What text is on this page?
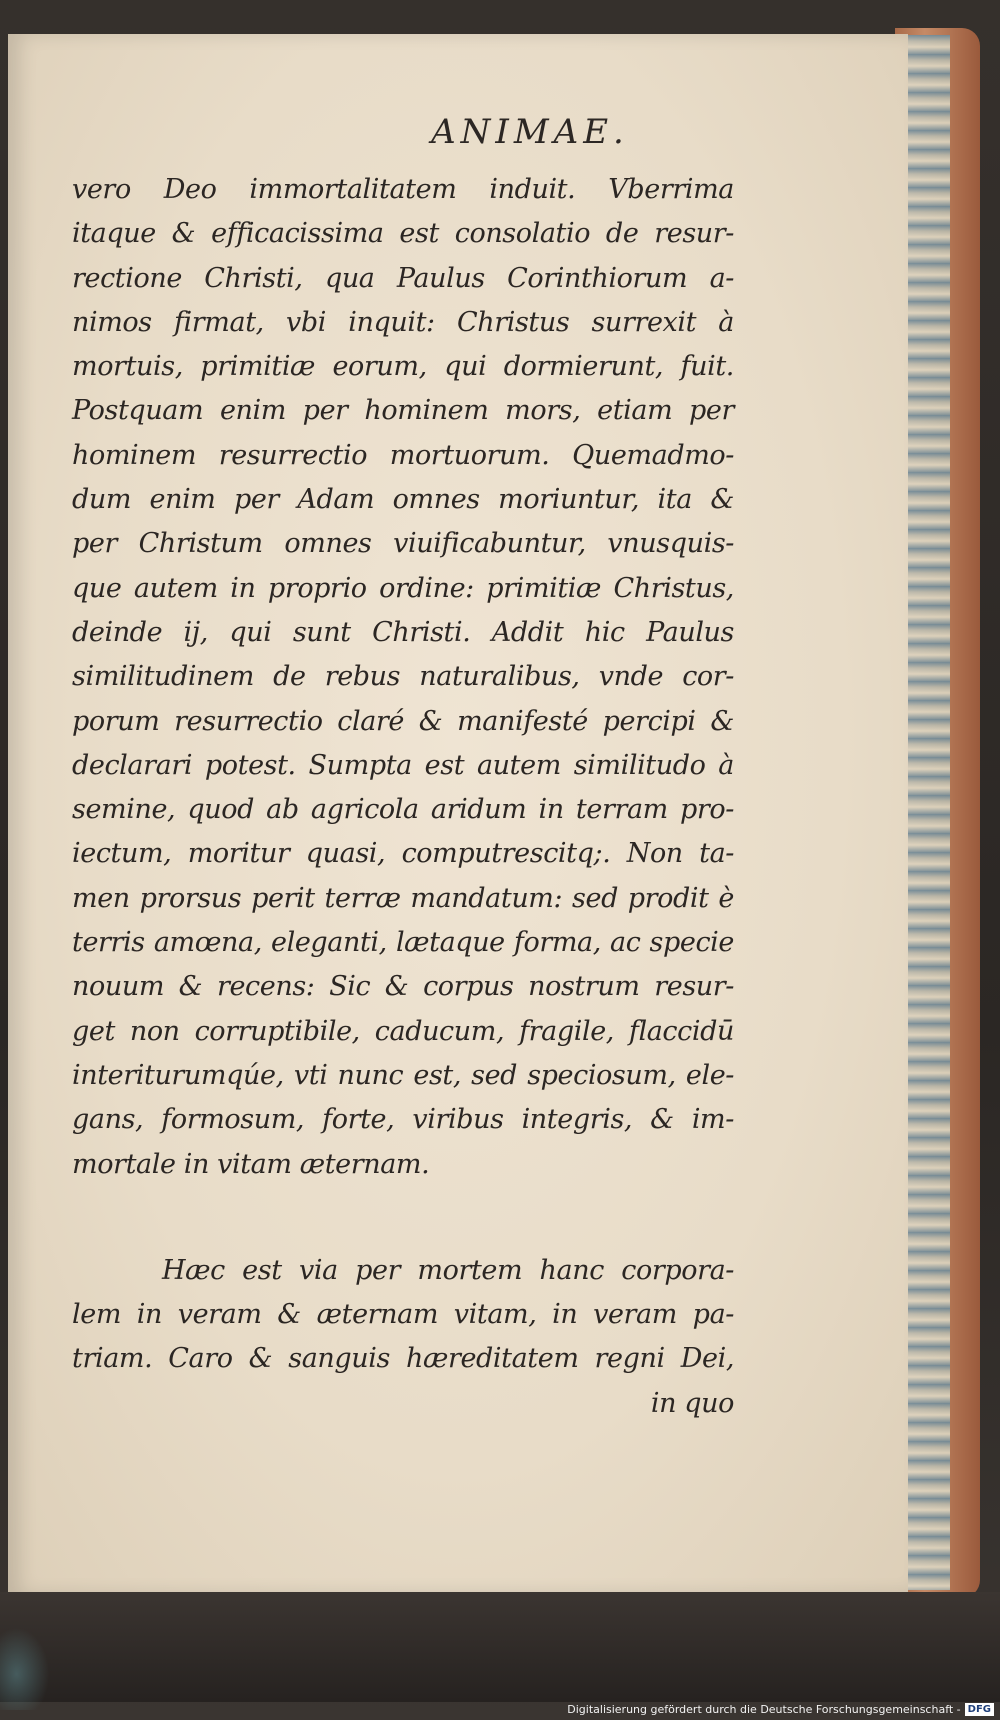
ANIMAE.
vero Deo immortalitatem induit. Vberrima
itaque & efficacissima est consolatio de resur-
rectione Christi, qua Paulus Corinthiorum a-
nimos firmat, vbi inquit: Christus surrexit à
mortuis, primitiæ eorum, qui dormierunt, fuit.
Postquam enim per hominem mors, etiam per
hominem resurrectio mortuorum. Quemadmo-
dum enim per Adam omnes moriuntur, ita &
per Christum omnes viuificabuntur, vnusquis-
que autem in proprio ordine: primitiæ Christus,
deinde ij, qui sunt Christi. Addit hic Paulus
similitudinem de rebus naturalibus, vnde cor-
porum resurrectio claré & manifesté percipi &
declarari potest. Sumpta est autem similitudo à
semine, quod ab agricola aridum in terram pro-
iectum, moritur quasi, computrescitq;. Non ta-
men prorsus perit terræ mandatum: sed prodit è
terris amœna, eleganti, lætaque forma, ac specie
nouum & recens: Sic & corpus nostrum resur-
get non corruptibile, caducum, fragile, flaccidū
interiturumqúe, vti nunc est, sed speciosum, ele-
gans, formosum, forte, viribus integris, & im-
mortale in vitam æternam.
Hæc est via per mortem hanc corpora-
lem in veram & æternam vitam, in veram pa-
triam. Caro & sanguis hæreditatem regni Dei,
in quo
Digitalisierung gefördert durch die Deutsche Forschungsgemeinschaft - DFG
